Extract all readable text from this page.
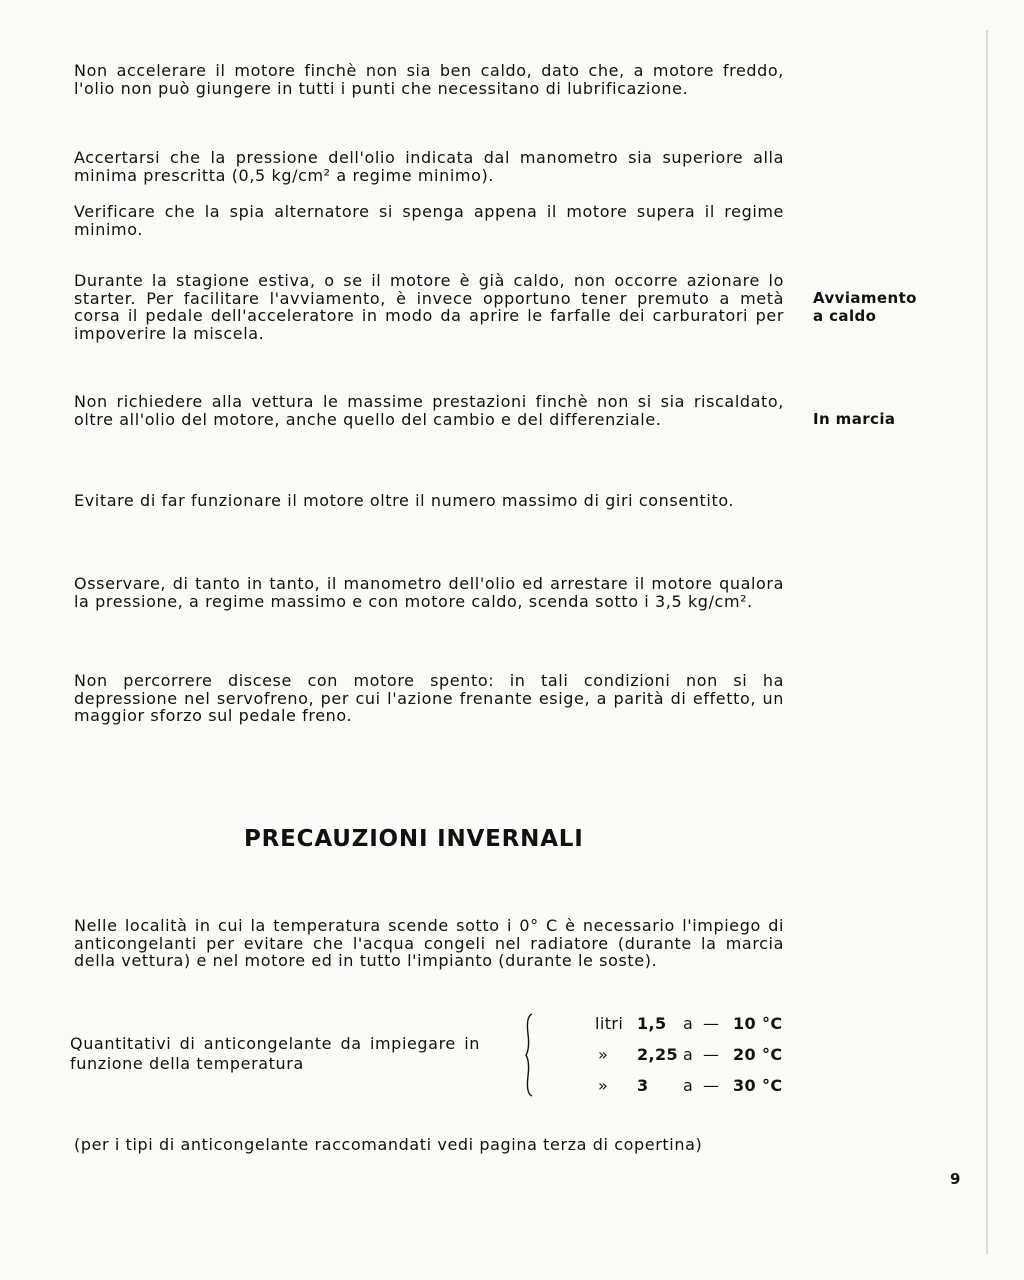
Non accelerare il motore finchè non sia ben caldo, dato che, a motore freddo, l'olio non può giungere in tutti i punti che necessitano di lubrificazione.

Accertarsi che la pressione dell'olio indicata dal manometro sia superiore alla minima prescritta (0,5 kg/cm² a regime minimo).

Verificare che la spia alternatore si spenga appena il motore supera il regime minimo.

Durante la stagione estiva, o se il motore è già caldo, non occorre azionare lo starter. Per facilitare l'avviamento, è invece opportuno tener premuto a metà corsa il pedale dell'acceleratore in modo da aprire le farfalle dei carburatori per impoverire la miscela.

Avviamento
a caldo

Non richiedere alla vettura le massime prestazioni finchè non si sia riscaldato, oltre all'olio del motore, anche quello del cambio e del differenziale.	In marcia

Evitare di far funzionare il motore oltre il numero massimo di giri consentito.

Osservare, di tanto in tanto, il manometro dell'olio ed arrestare il motore qualora la pressione, a regime massimo e con motore caldo, scenda sotto i 3,5 kg/cm².

Non percorrere discese con motore spento: in tali condizioni non si ha depressione nel servofreno, per cui l'azione frenante esige, a parità di effetto, un maggior sforzo sul pedale freno.

PRECAUZIONI INVERNALI

Nelle località in cui la temperatura scende sotto i 0° C è necessario l'impiego di anticongelanti per evitare che l'acqua congeli nel radiatore (durante la marcia della vettura) e nel motore ed in tutto l'impianto (durante le soste).

Quantitativi di anticongelante da impiegare in funzione della temperatura

litri 1,5 a — 10 °C
»	2,25 a — 20 °C
»	3 a — 30 °C

(per i tipi di anticongelante raccomandati vedi pagina terza di copertina)

9
